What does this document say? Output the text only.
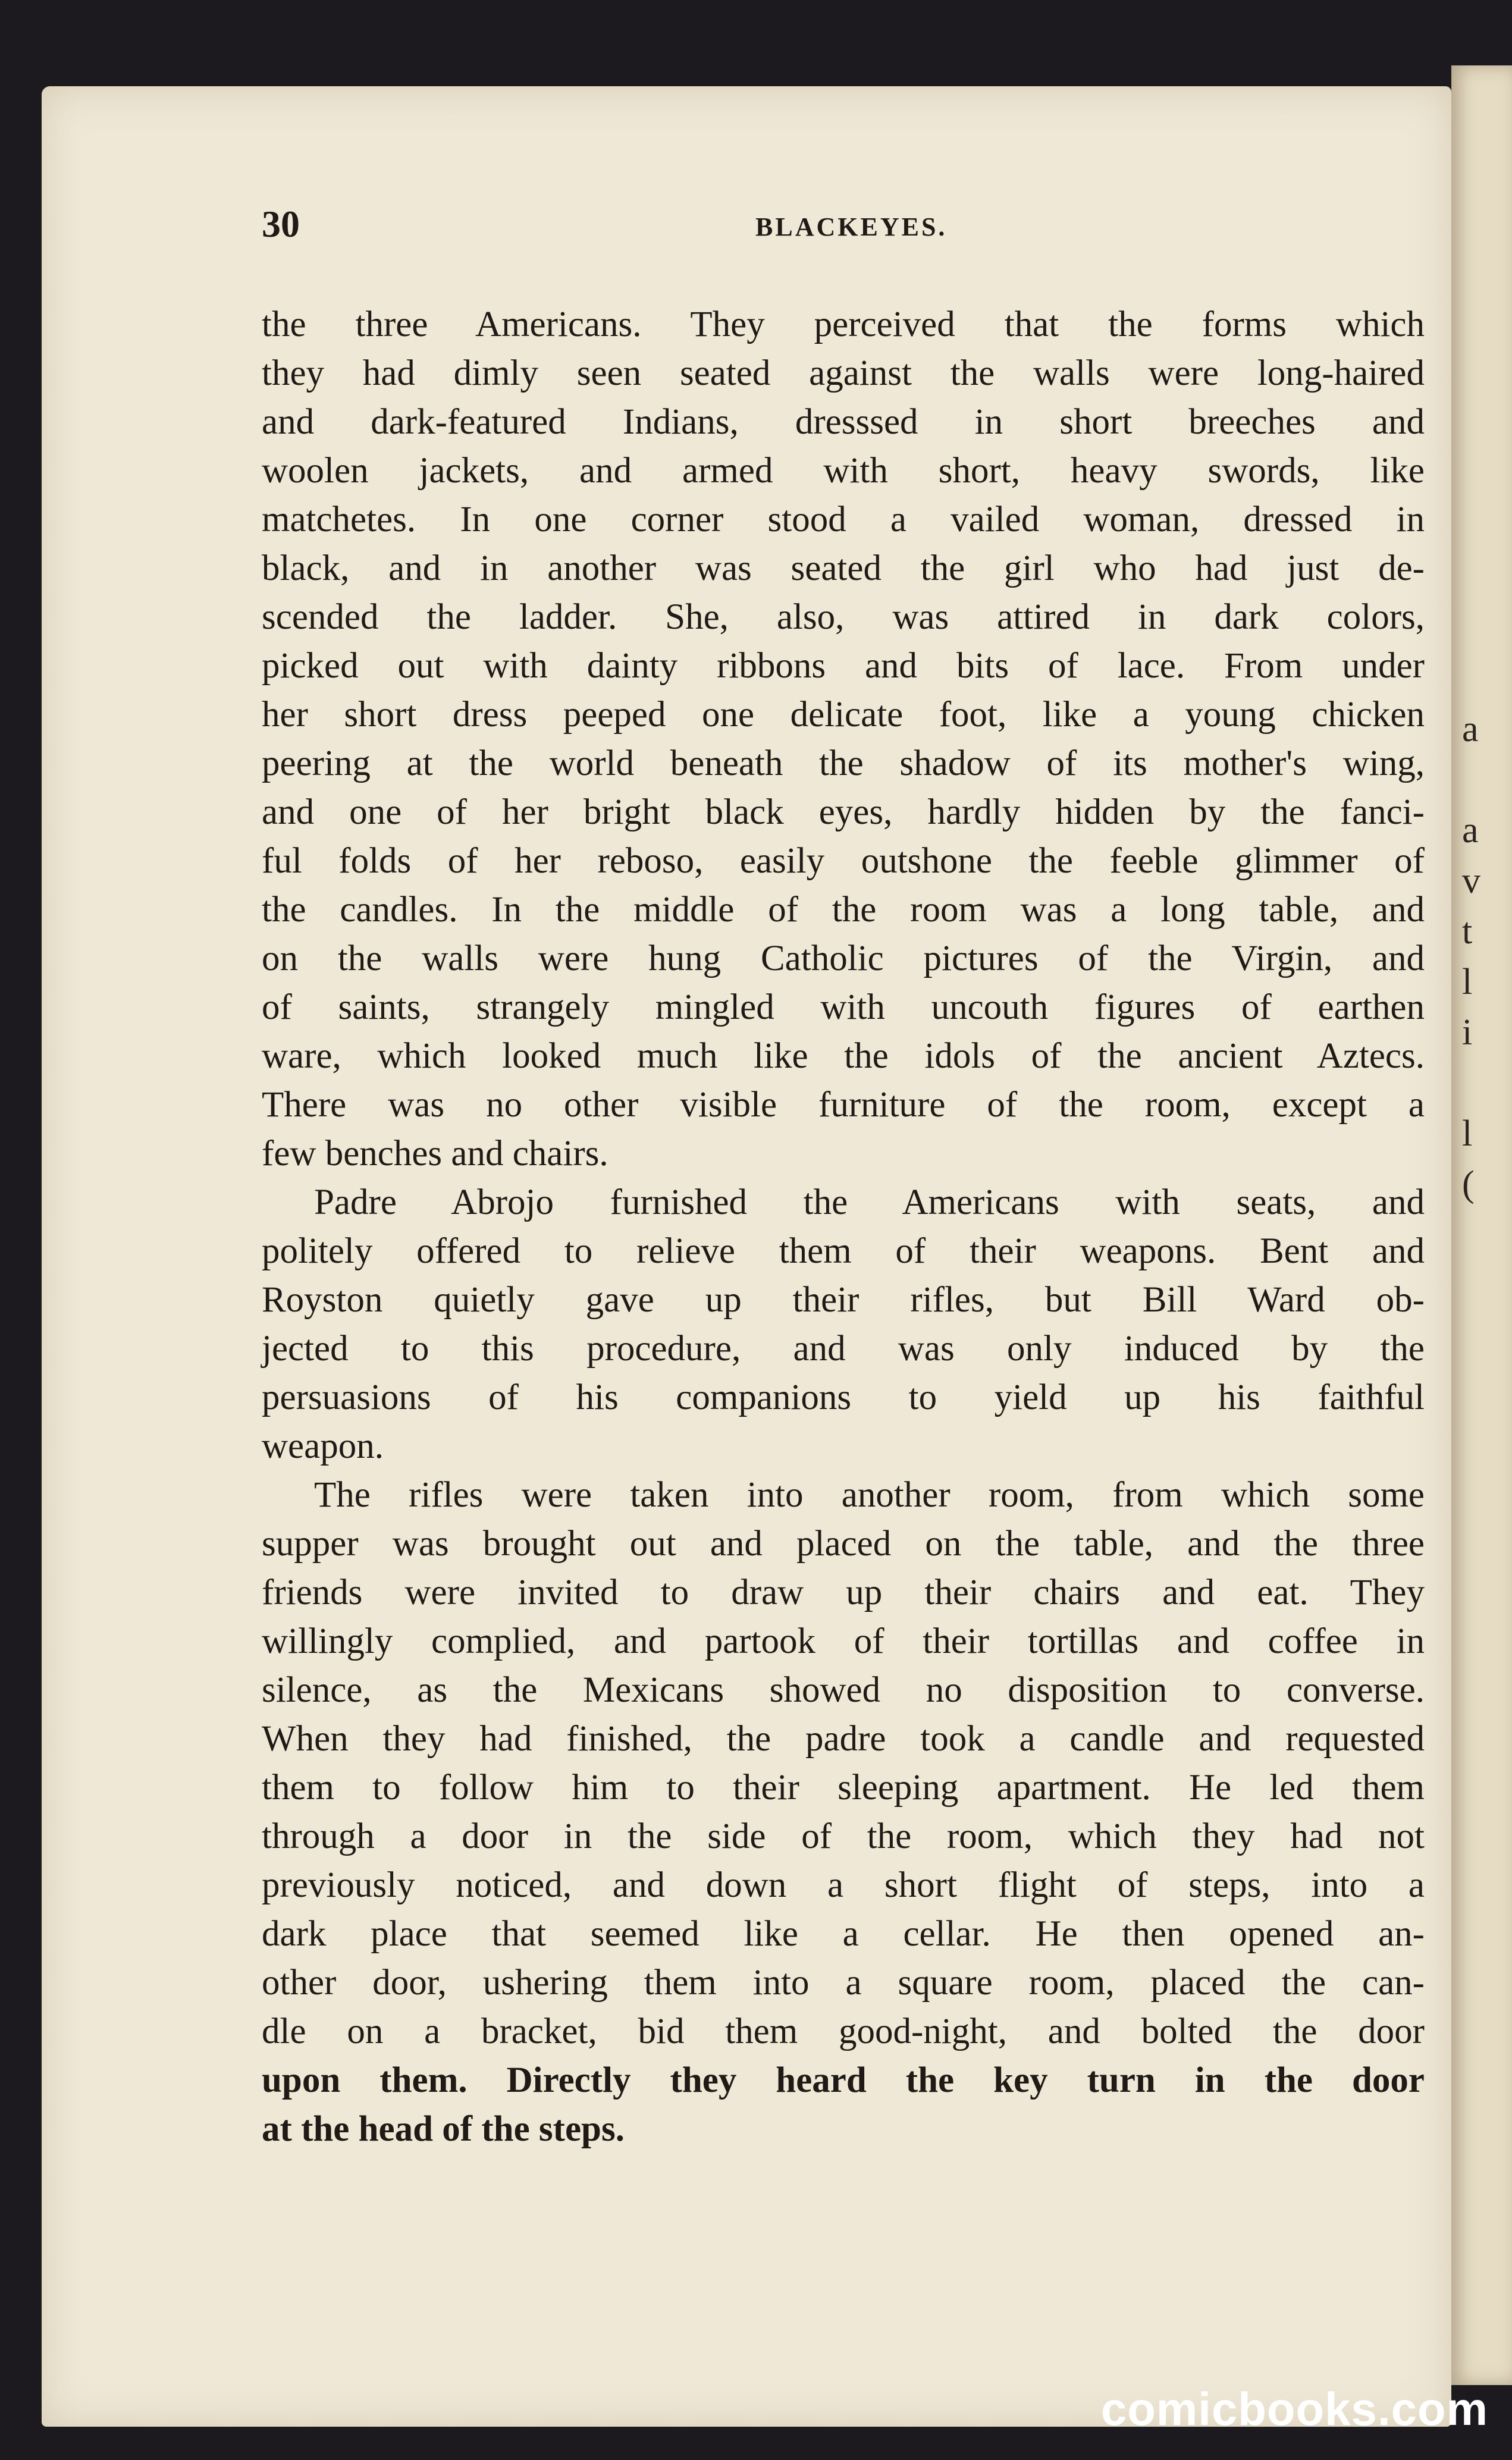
a
a
v
t
l
i
l
(
30	BLACKEYES.
the three Americans. They perceived that the forms which
they had dimly seen seated against the walls were long-haired
and dark-featured Indians, dresssed in short breeches and
woolen jackets, and armed with short, heavy swords, like
matchetes. In one corner stood a vailed woman, dressed in
black, and in another was seated the girl who had just de-
scended the ladder. She, also, was attired in dark colors,
picked out with dainty ribbons and bits of lace. From under
her short dress peeped one delicate foot, like a young chicken
peering at the world beneath the shadow of its mother's wing,
and one of her bright black eyes, hardly hidden by the fanci-
ful folds of her reboso, easily outshone the feeble glimmer of
the candles. In the middle of the room was a long table, and
on the walls were hung Catholic pictures of the Virgin, and
of saints, strangely mingled with uncouth figures of earthen
ware, which looked much like the idols of the ancient Aztecs.
There was no other visible furniture of the room, except a
few benches and chairs.
Padre Abrojo furnished the Americans with seats, and
politely offered to relieve them of their weapons. Bent and
Royston quietly gave up their rifles, but Bill Ward ob-
jected to this procedure, and was only induced by the
persuasions of his companions to yield up his faithful
weapon.
The rifles were taken into another room, from which some
supper was brought out and placed on the table, and the three
friends were invited to draw up their chairs and eat. They
willingly complied, and partook of their tortillas and coffee in
silence, as the Mexicans showed no disposition to converse.
When they had finished, the padre took a candle and requested
them to follow him to their sleeping apartment. He led them
through a door in the side of the room, which they had not
previously noticed, and down a short flight of steps, into a
dark place that seemed like a cellar. He then opened an-
other door, ushering them into a square room, placed the can-
dle on a bracket, bid them good-night, and bolted the door
upon them. Directly they heard the key turn in the door
at the head of the steps.
comicbooks.com
